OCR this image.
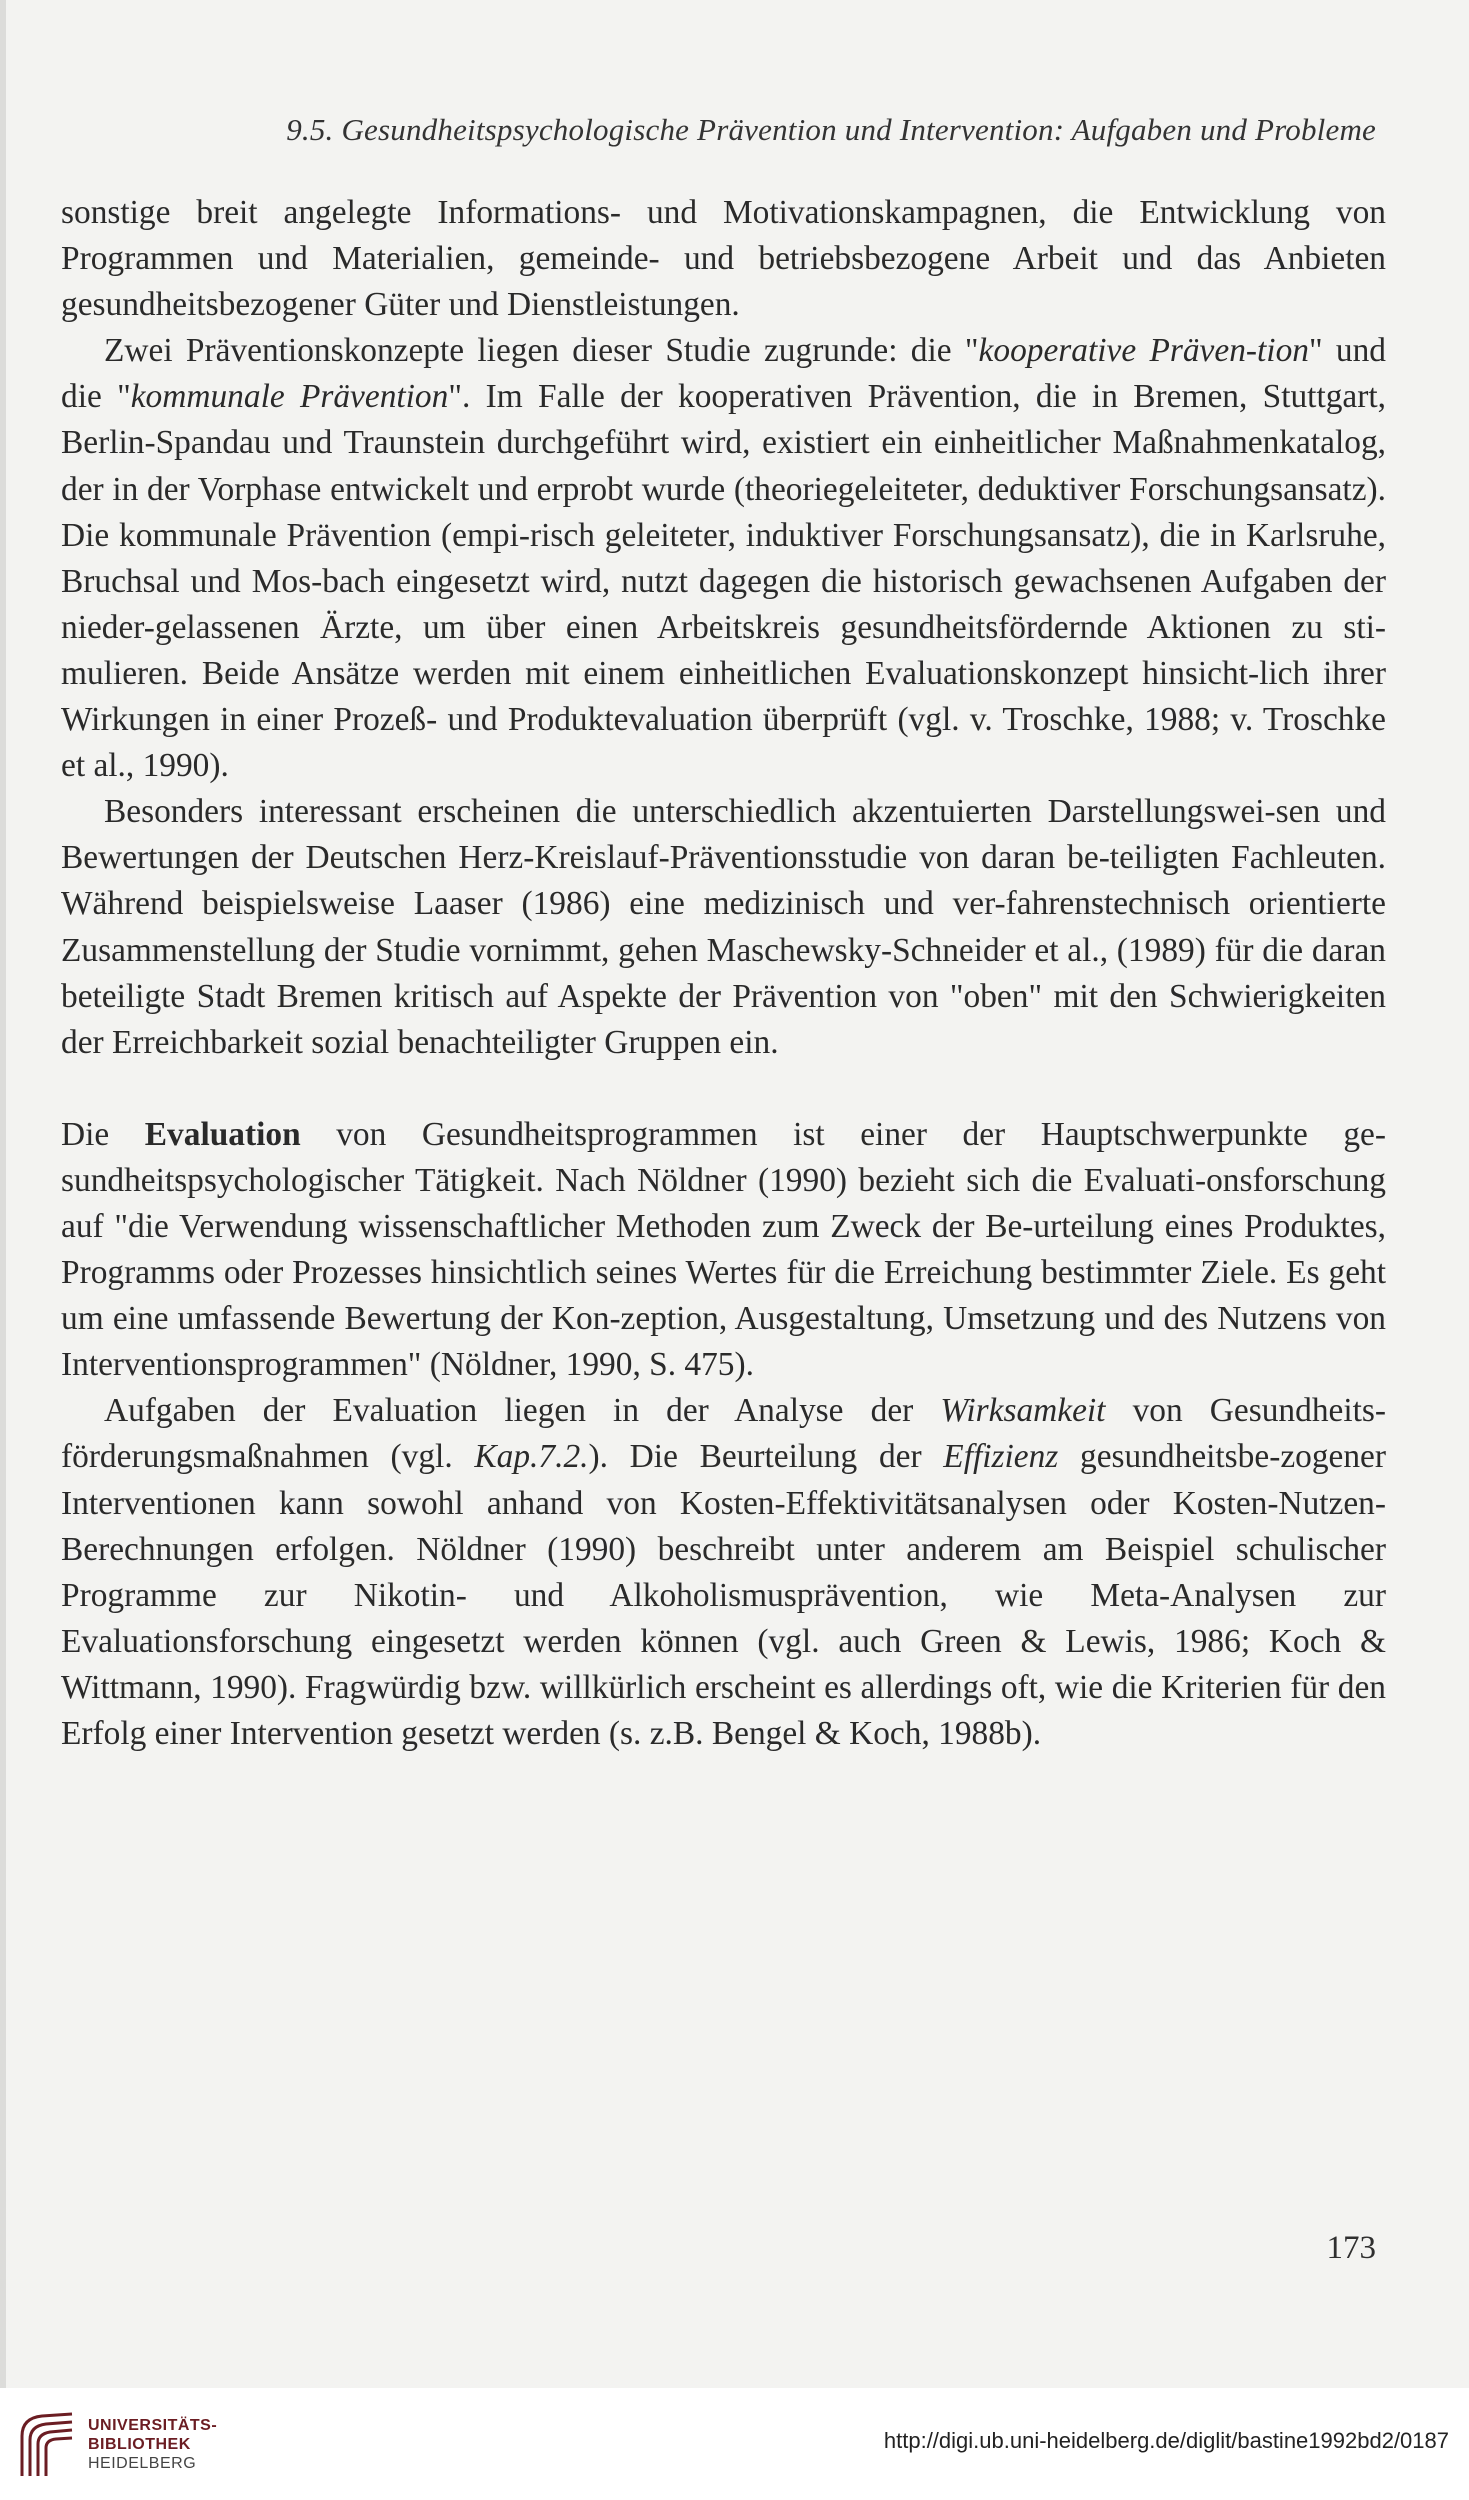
9.5. Gesundheitspsychologische Prävention und Intervention: Aufgaben und Probleme

sonstige breit angelegte Informations- und Motivationskampagnen, die Entwicklung von Programmen und Materialien, gemeinde- und betriebsbezogene Arbeit und das Anbieten gesundheitsbezogener Güter und Dienstleistungen.

Zwei Präventionskonzepte liegen dieser Studie zugrunde: die "kooperative Präven-tion" und die "kommunale Prävention". Im Falle der kooperativen Prävention, die in Bremen, Stuttgart, Berlin-Spandau und Traunstein durchgeführt wird, existiert ein einheitlicher Maßnahmenkatalog, der in der Vorphase entwickelt und erprobt wurde (theoriegeleiteter, deduktiver Forschungsansatz). Die kommunale Prävention (empi-risch geleiteter, induktiver Forschungsansatz), die in Karlsruhe, Bruchsal und Mos-bach eingesetzt wird, nutzt dagegen die historisch gewachsenen Aufgaben der nieder-gelassenen Ärzte, um über einen Arbeitskreis gesundheitsfördernde Aktionen zu sti-mulieren. Beide Ansätze werden mit einem einheitlichen Evaluationskonzept hinsicht-lich ihrer Wirkungen in einer Prozeß- und Produktevaluation überprüft (vgl. v. Troschke, 1988; v. Troschke et al., 1990).

Besonders interessant erscheinen die unterschiedlich akzentuierten Darstellungswei-sen und Bewertungen der Deutschen Herz-Kreislauf-Präventionsstudie von daran be-teiligten Fachleuten. Während beispielsweise Laaser (1986) eine medizinisch und ver-fahrenstechnisch orientierte Zusammenstellung der Studie vornimmt, gehen Maschewsky-Schneider et al., (1989) für die daran beteiligte Stadt Bremen kritisch auf Aspekte der Prävention von "oben" mit den Schwierigkeiten der Erreichbarkeit sozial benachteiligter Gruppen ein.

Die Evaluation von Gesundheitsprogrammen ist einer der Hauptschwerpunkte ge-sundheitspsychologischer Tätigkeit. Nach Nöldner (1990) bezieht sich die Evaluati-onsforschung auf "die Verwendung wissenschaftlicher Methoden zum Zweck der Be-urteilung eines Produktes, Programms oder Prozesses hinsichtlich seines Wertes für die Erreichung bestimmter Ziele. Es geht um eine umfassende Bewertung der Kon-zeption, Ausgestaltung, Umsetzung und des Nutzens von Interventionsprogrammen" (Nöldner, 1990, S. 475).

Aufgaben der Evaluation liegen in der Analyse der Wirksamkeit von Gesundheits-förderungsmaßnahmen (vgl. Kap.7.2.). Die Beurteilung der Effizienz gesundheitsbe-zogener Interventionen kann sowohl anhand von Kosten-Effektivitätsanalysen oder Kosten-Nutzen-Berechnungen erfolgen. Nöldner (1990) beschreibt unter anderem am Beispiel schulischer Programme zur Nikotin- und Alkoholismusprävention, wie Meta-Analysen zur Evaluationsforschung eingesetzt werden können (vgl. auch Green & Lewis, 1986; Koch & Wittmann, 1990). Fragwürdig bzw. willkürlich erscheint es allerdings oft, wie die Kriterien für den Erfolg einer Intervention gesetzt werden (s. z.B. Bengel & Koch, 1988b).

173
UNIVERSITÄTS-
BIBLIOTHEK
HEIDELBERG
http://digi.ub.uni-heidelberg.de/diglit/bastine1992bd2/0187
